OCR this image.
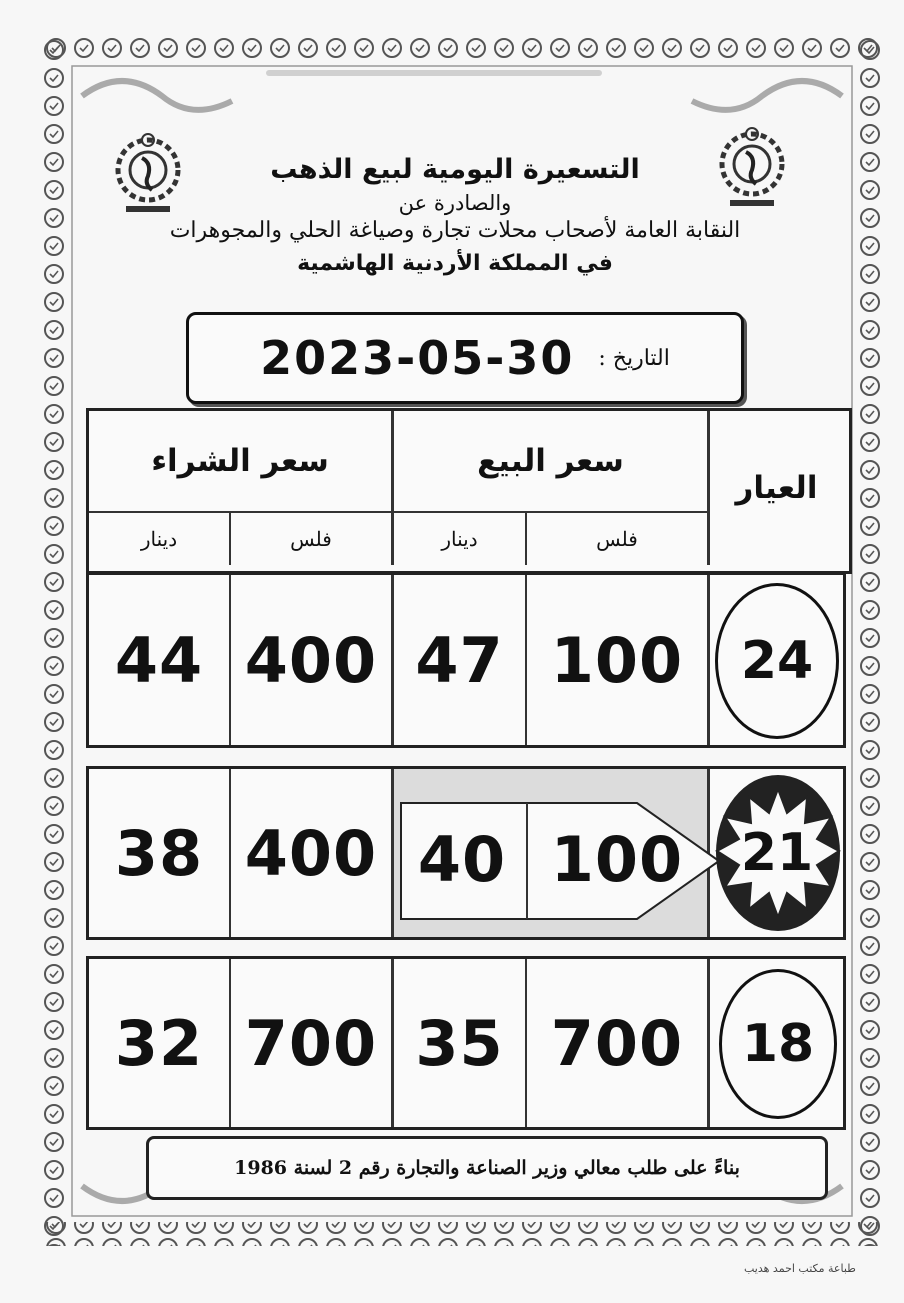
التسعيرة اليومية لبيع الذهب

والصادرة عن

النقابة العامة لأصحاب محلات تجارة وصياغة الحلي والمجوهرات

في المملكة الأردنية الهاشمية

2023-05-30 التاريخ :
العيار
سعر البيع
سعر الشراء
فلس
دينار
فلس
دينار
24
100
47
400
44
21
100
40
400
38
18
700
35
700
32
بناءً على طلب معالي وزير الصناعة والتجارة رقم 2 لسنة 1986
طباعة مكتب احمد هديب
